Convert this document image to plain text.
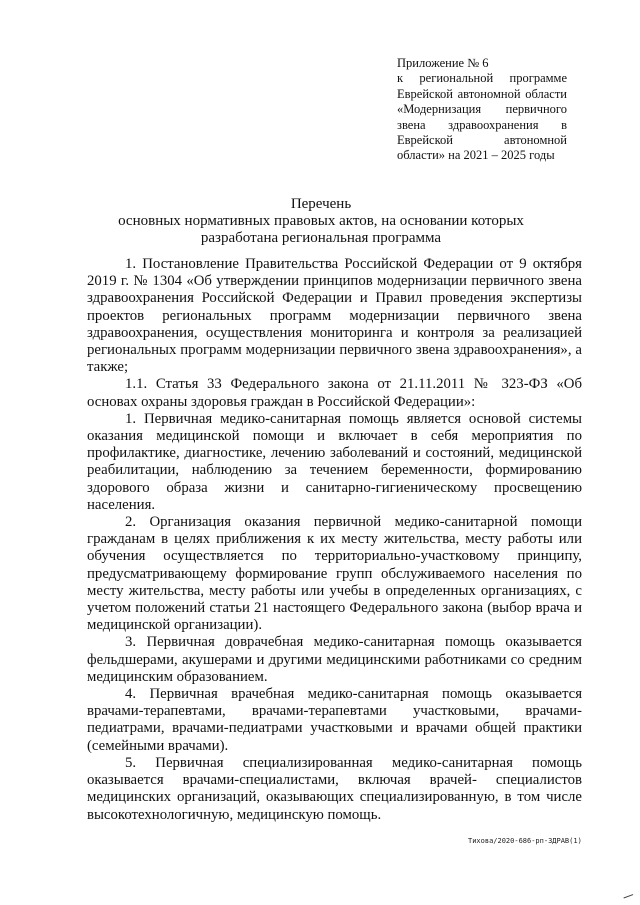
Приложение № 6
к региональной программе
Еврейской автономной области
«Модернизация первичного
звена здравоохранения в
Еврейской автономной
области» на 2021 – 2025 годы
Перечень
основных нормативных правовых актов, на основании которых
разработана региональная программа

1. Постановление Правительства Российской Федерации от 9 октября 2019 г. № 1304 «Об утверждении принципов модернизации первичного звена здравоохранения Российской Федерации и Правил проведения экспертизы проектов региональных программ модернизации первичного звена здравоохранения, осуществления мониторинга и контроля за реализацией региональных программ модернизации первичного звена здравоохранения», а также;

1.1. Статья 33 Федерального закона от 21.11.2011 № 323-ФЗ «Об основах охраны здоровья граждан в Российской Федерации»:

1. Первичная медико-санитарная помощь является основой системы оказания медицинской помощи и включает в себя мероприятия по профилактике, диагностике, лечению заболеваний и состояний, медицинской реабилитации, наблюдению за течением беременности, формированию здорового образа жизни и санитарно-гигиеническому просвещению населения.

2. Организация оказания первичной медико-санитарной помощи гражданам в целях приближения к их месту жительства, месту работы или обучения осуществляется по территориально-участковому принципу, предусматривающему формирование групп обслуживаемого населения по месту жительства, месту работы или учебы в определенных организациях, с учетом положений статьи 21 настоящего Федерального закона (выбор врача и медицинской организации).

3. Первичная доврачебная медико-санитарная помощь оказывается фельдшерами, акушерами и другими медицинскими работниками со средним медицинским образованием.

4. Первичная врачебная медико-санитарная помощь оказывается врачами-терапевтами, врачами-терапевтами участковыми, врачами-педиатрами, врачами-педиатрами участковыми и врачами общей практики (семейными врачами).

5. Первичная специализированная медико-санитарная помощь оказывается врачами-специалистами, включая врачей- специалистов медицинских организаций, оказывающих специализированную, в том числе высокотехнологичную, медицинскую помощь.

Тихова/2020-686-рп-ЗДРАВ(1)
